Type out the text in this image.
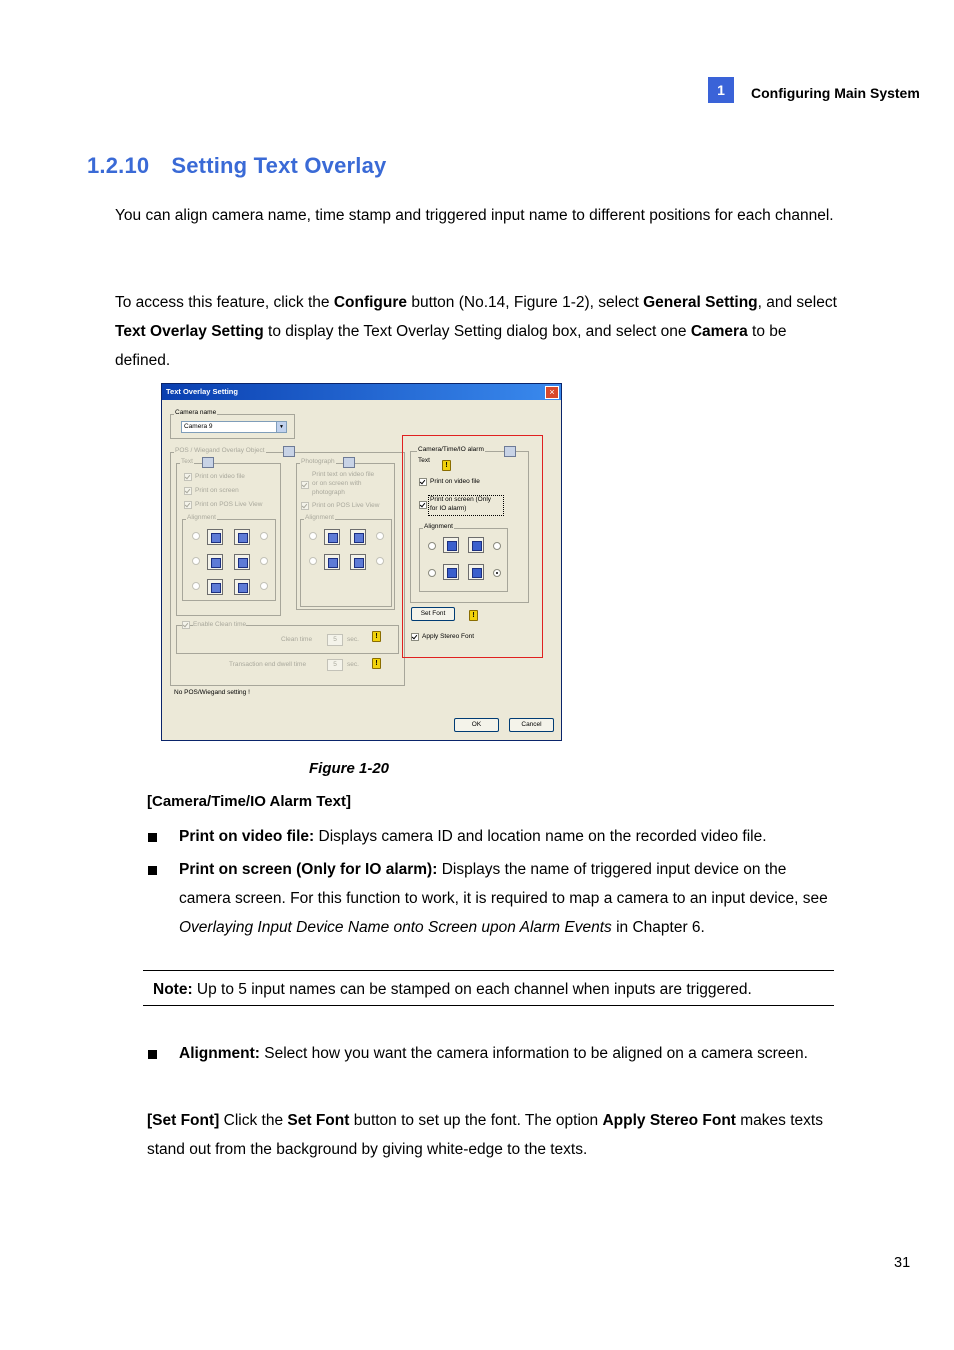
1	Configuring Main System
1.2.10 Setting Text Overlay
You can align camera name, time stamp and triggered input name to different positions for each channel.
To access this feature, click the Configure button (No.14, Figure 1-2), select General Setting, and select Text Overlay Setting to display the Text Overlay Setting dialog box, and select one Camera to be defined.
Text Overlay Setting	×
Camera name
Camera 9	▼
POS / Wiegand Overlay Object
Text
Print on video file
Print on screen
Print on POS Live View
Alignment
Photograph
Print text on video file
or on screen with
photograph
Print on POS Live View
Alignment
Enable Clean time
Clean time	5	sec.	!
Transaction end dwell time	5	sec.	!
No POS/Wiegand setting !
Camera/Time/IO alarm
Text
!
Print on video file
Print on screen (Only
for IO alarm)
Alignment
Set Font	!
Apply Stereo Font
OK	Cancel
Figure 1-20
[Camera/Time/IO Alarm Text]
Print on video file: Displays camera ID and location name on the recorded video file.
Print on screen (Only for IO alarm): Displays the name of triggered input device on the camera screen. For this function to work, it is required to map a camera to an input device, see Overlaying Input Device Name onto Screen upon Alarm Events in Chapter 6.
Note: Up to 5 input names can be stamped on each channel when inputs are triggered.
Alignment: Select how you want the camera information to be aligned on a camera screen.
[Set Font] Click the Set Font button to set up the font. The option Apply Stereo Font makes texts stand out from the background by giving white-edge to the texts.
31
